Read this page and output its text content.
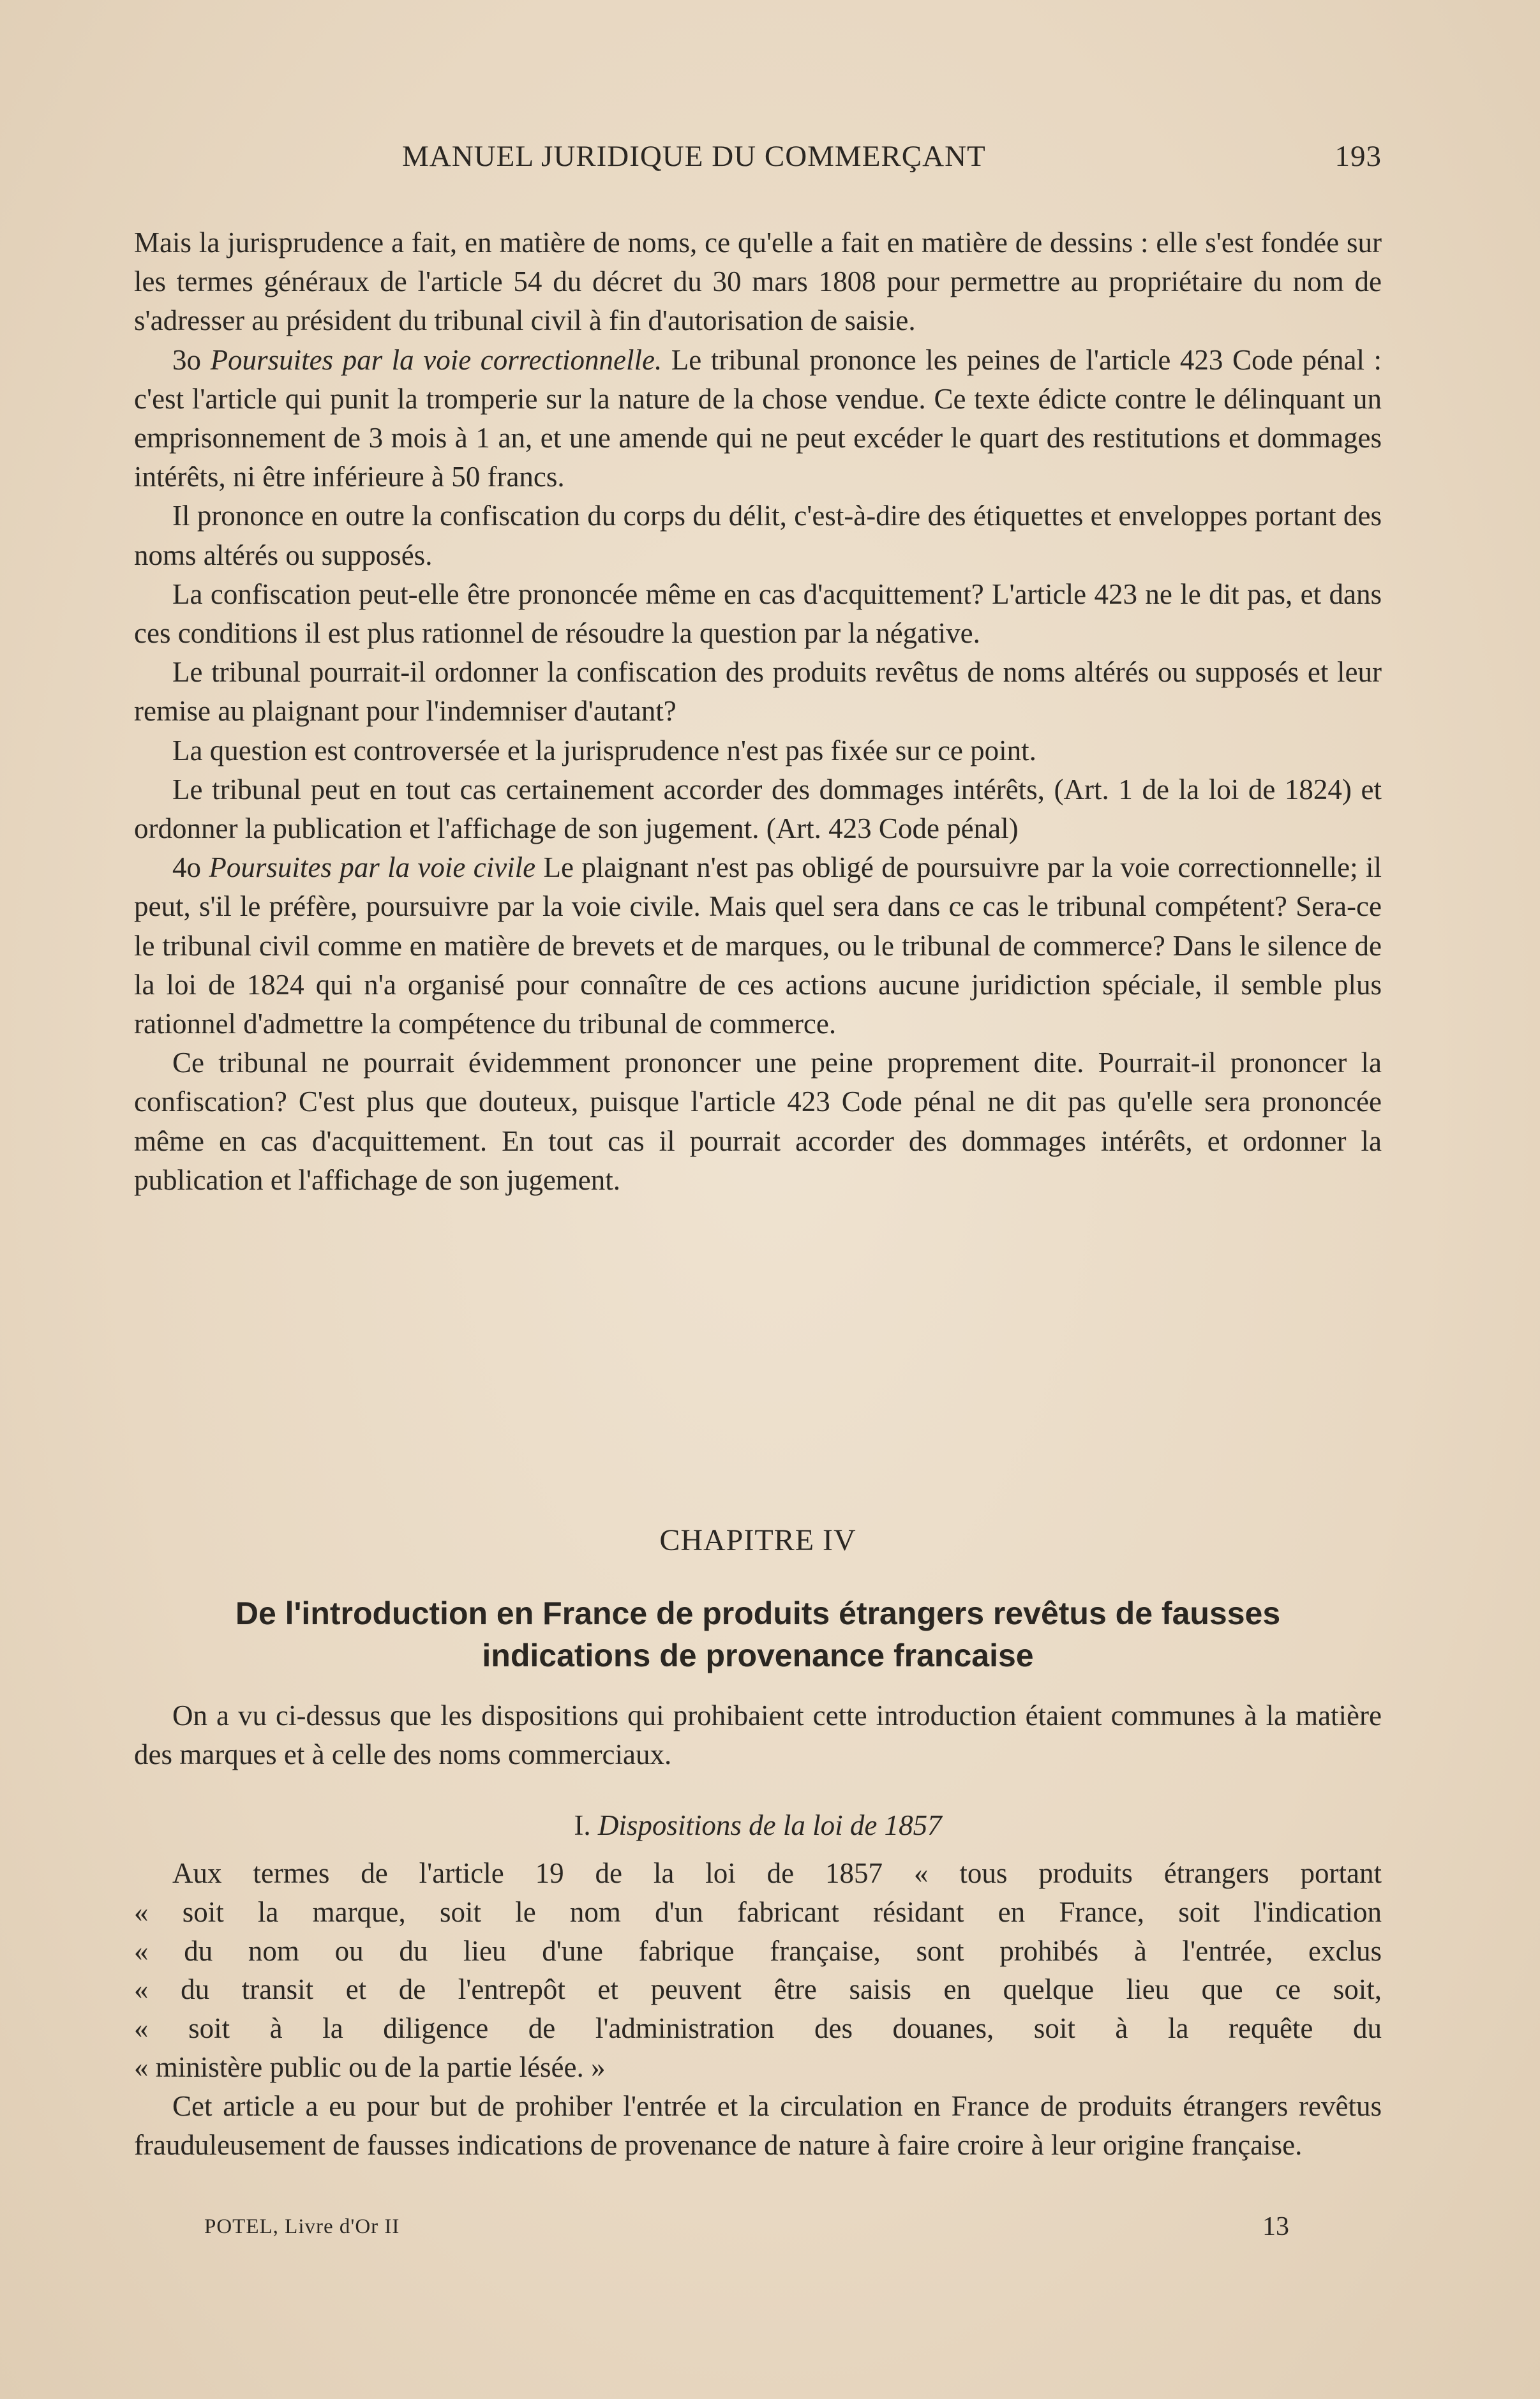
MANUEL JURIDIQUE DU COMMERÇANT	193

Mais la jurisprudence a fait, en matière de noms, ce qu'elle a fait en matière de dessins : elle s'est fondée sur les termes généraux de l'article 54 du décret du 30 mars 1808 pour permettre au propriétaire du nom de s'adresser au président du tribunal civil à fin d'autorisation de saisie.

3o Poursuites par la voie correctionnelle. Le tribunal prononce les peines de l'article 423 Code pénal : c'est l'article qui punit la tromperie sur la nature de la chose vendue. Ce texte édicte contre le délinquant un emprisonnement de 3 mois à 1 an, et une amende qui ne peut excéder le quart des restitutions et dommages intérêts, ni être inférieure à 50 francs.

Il prononce en outre la confiscation du corps du délit, c'est-à-dire des étiquettes et enveloppes portant des noms altérés ou supposés.

La confiscation peut-elle être prononcée même en cas d'acquittement? L'article 423 ne le dit pas, et dans ces conditions il est plus rationnel de résoudre la question par la négative.

Le tribunal pourrait-il ordonner la confiscation des produits revêtus de noms altérés ou supposés et leur remise au plaignant pour l'indemniser d'autant?

La question est controversée et la jurisprudence n'est pas fixée sur ce point.

Le tribunal peut en tout cas certainement accorder des dommages intérêts, (Art. 1 de la loi de 1824) et ordonner la publication et l'affichage de son jugement. (Art. 423 Code pénal)

4o Poursuites par la voie civile Le plaignant n'est pas obligé de poursuivre par la voie correctionnelle; il peut, s'il le préfère, poursuivre par la voie civile. Mais quel sera dans ce cas le tribunal compétent? Sera-ce le tribunal civil comme en matière de brevets et de marques, ou le tribunal de commerce? Dans le silence de la loi de 1824 qui n'a organisé pour connaître de ces actions aucune juridiction spéciale, il semble plus rationnel d'admettre la compétence du tribunal de commerce.

Ce tribunal ne pourrait évidemment prononcer une peine proprement dite. Pourrait-il prononcer la confiscation? C'est plus que douteux, puisque l'article 423 Code pénal ne dit pas qu'elle sera prononcée même en cas d'acquittement. En tout cas il pourrait accorder des dommages intérêts, et ordonner la publication et l'affichage de son jugement.

CHAPITRE IV
De l'introduction en France de produits étrangers revêtus de fausses
indications de provenance francaise

On a vu ci-dessus que les dispositions qui prohibaient cette introduction étaient communes à la matière des marques et à celle des noms commerciaux.

I. Dispositions de la loi de 1857

Aux termes de l'article 19 de la loi de 1857 « tous produits étrangers portant

« soit la marque, soit le nom d'un fabricant résidant en France, soit l'indication

« du nom ou du lieu d'une fabrique française, sont prohibés à l'entrée, exclus

« du transit et de l'entrepôt et peuvent être saisis en quelque lieu que ce soit,

« soit à la diligence de l'administration des douanes, soit à la requête du

« ministère public ou de la partie lésée. »

Cet article a eu pour but de prohiber l'entrée et la circulation en France de produits étrangers revêtus frauduleusement de fausses indications de provenance de nature à faire croire à leur origine française.

POTEL, Livre d'Or II	13
